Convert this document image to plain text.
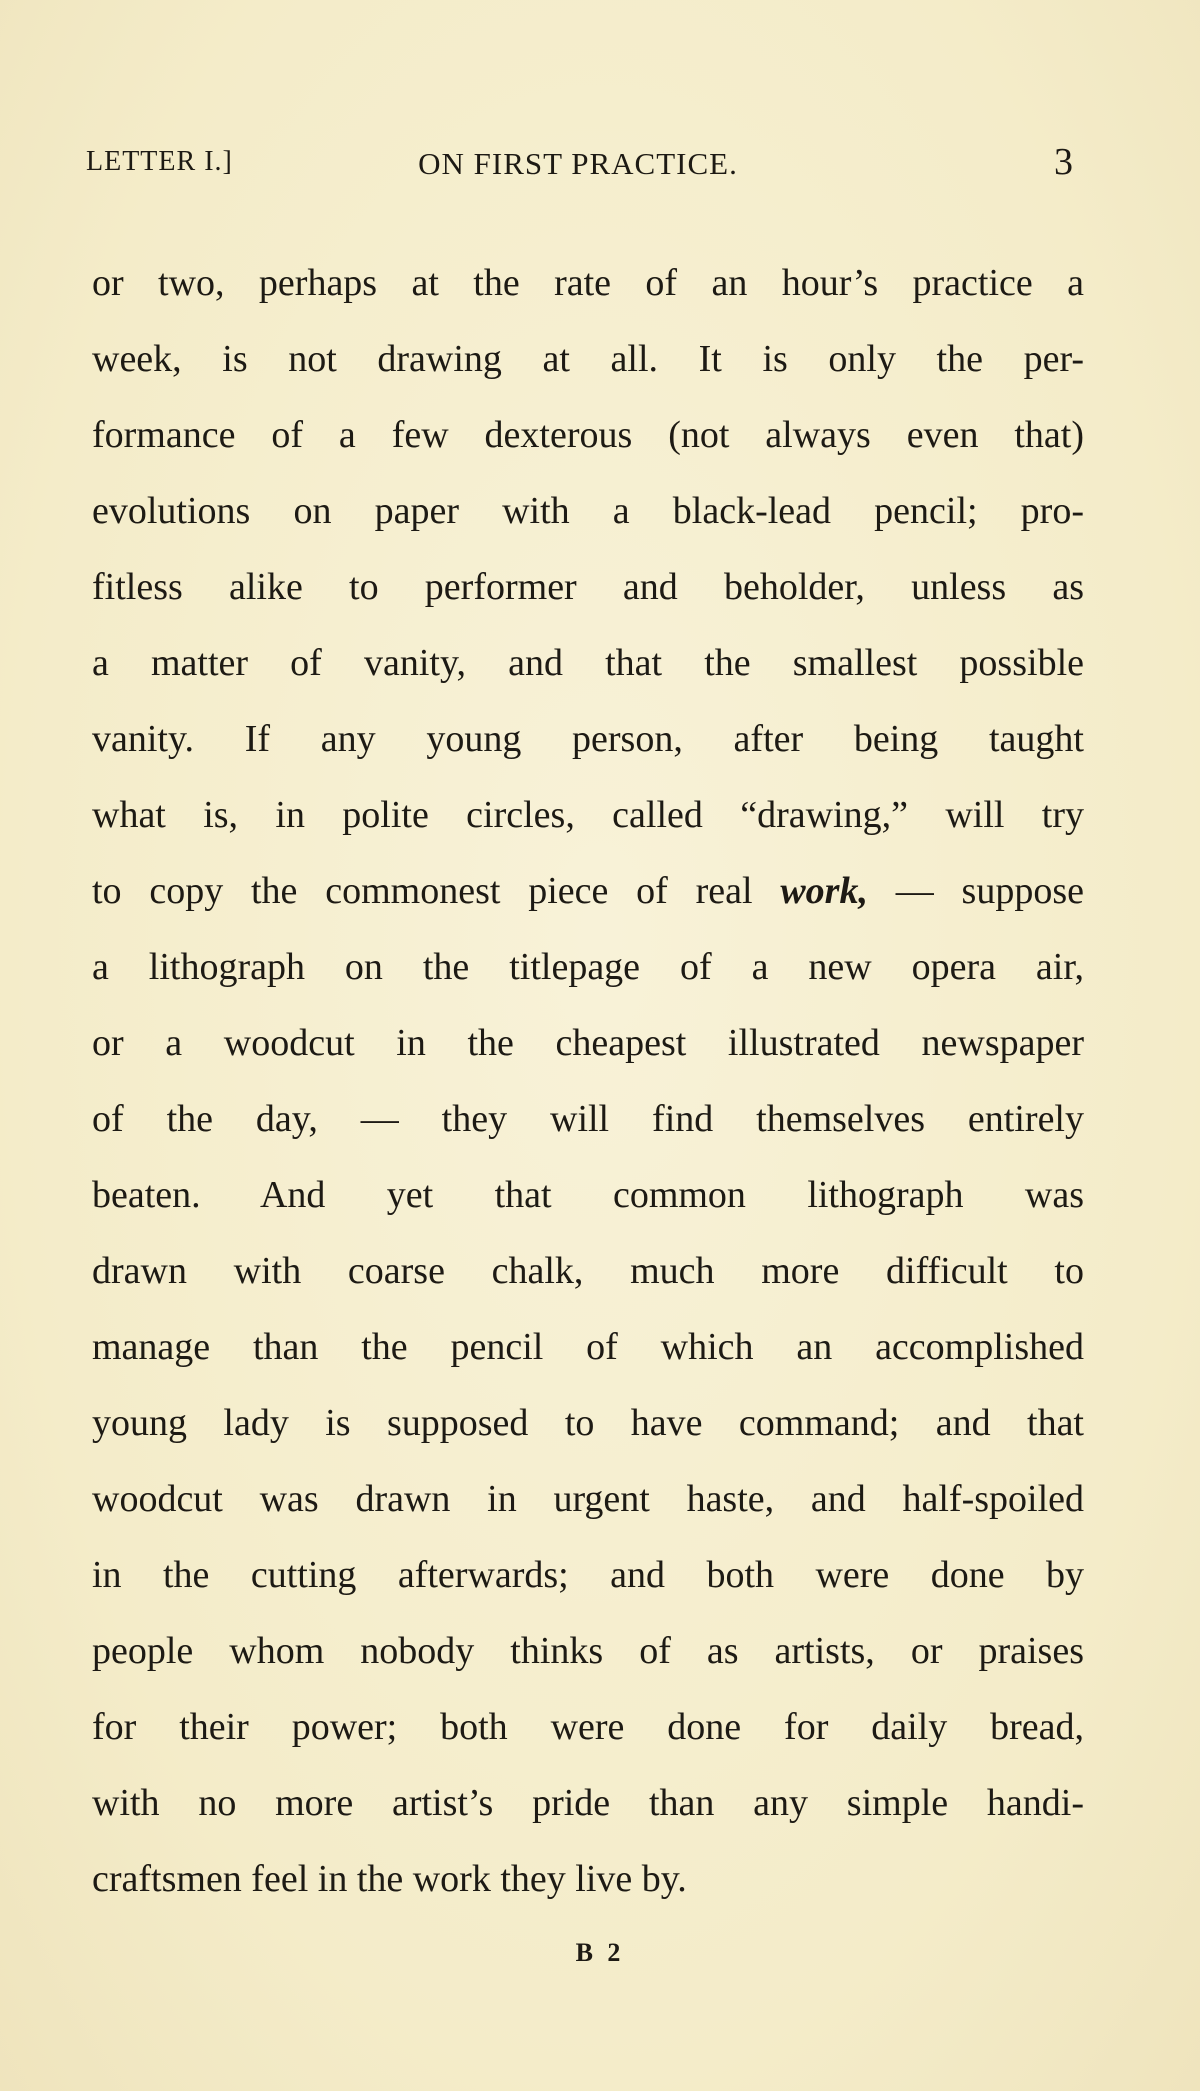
LETTER I.]	ON FIRST PRACTICE.	3
or two, perhaps at the rate of an hour’s practice a
week, is not drawing at all. It is only the per-
formance of a few dexterous (not always even that)
evolutions on paper with a black-lead pencil; pro-
fitless alike to performer and beholder, unless as
a matter of vanity, and that the smallest possible
vanity. If any young person, after being taught
what is, in polite circles, called “drawing,” will try
to copy the commonest piece of real work, — suppose
a lithograph on the titlepage of a new opera air,
or a woodcut in the cheapest illustrated newspaper
of the day, — they will find themselves entirely
beaten. And yet that common lithograph was
drawn with coarse chalk, much more difficult to
manage than the pencil of which an accomplished
young lady is supposed to have command; and that
woodcut was drawn in urgent haste, and half-spoiled
in the cutting afterwards; and both were done by
people whom nobody thinks of as artists, or praises
for their power; both were done for daily bread,
with no more artist’s pride than any simple handi-
craftsmen feel in the work they live by.
B 2
